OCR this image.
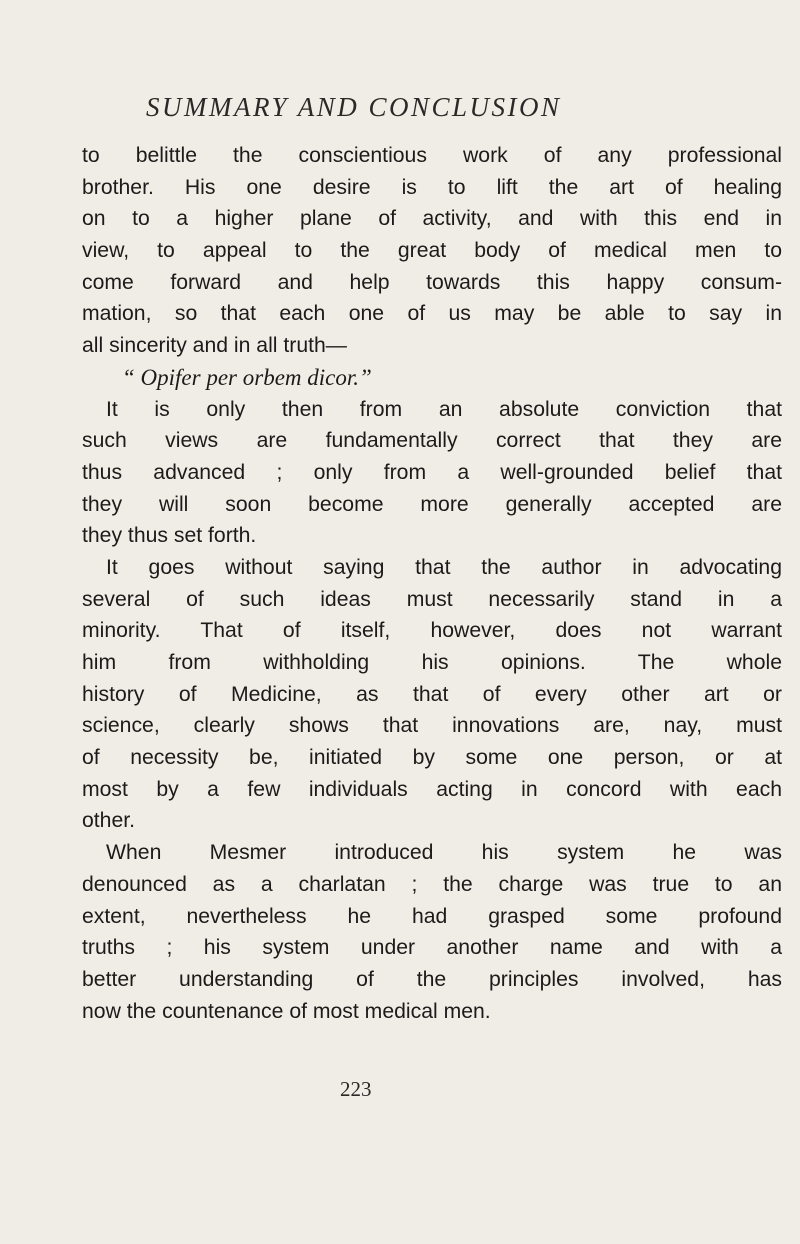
SUMMARY AND CONCLUSION
to belittle the conscientious work of any professional
brother. His one desire is to lift the art of healing
on to a higher plane of activity, and with this end in
view, to appeal to the great body of medical men to
come forward and help towards this happy consum-
mation, so that each one of us may be able to say in
all sincerity and in all truth—
“ Opifer per orbem dicor.”
It is only then from an absolute conviction that
such views are fundamentally correct that they are
thus advanced ; only from a well-grounded belief that
they will soon become more generally accepted are
they thus set forth.
It goes without saying that the author in advocating
several of such ideas must necessarily stand in a
minority. That of itself, however, does not warrant
him from withholding his opinions. The whole
history of Medicine, as that of every other art or
science, clearly shows that innovations are, nay, must
of necessity be, initiated by some one person, or at
most by a few individuals acting in concord with each
other.
When Mesmer introduced his system he was
denounced as a charlatan ; the charge was true to an
extent, nevertheless he had grasped some profound
truths ; his system under another name and with a
better understanding of the principles involved, has
now the countenance of most medical men.
223
